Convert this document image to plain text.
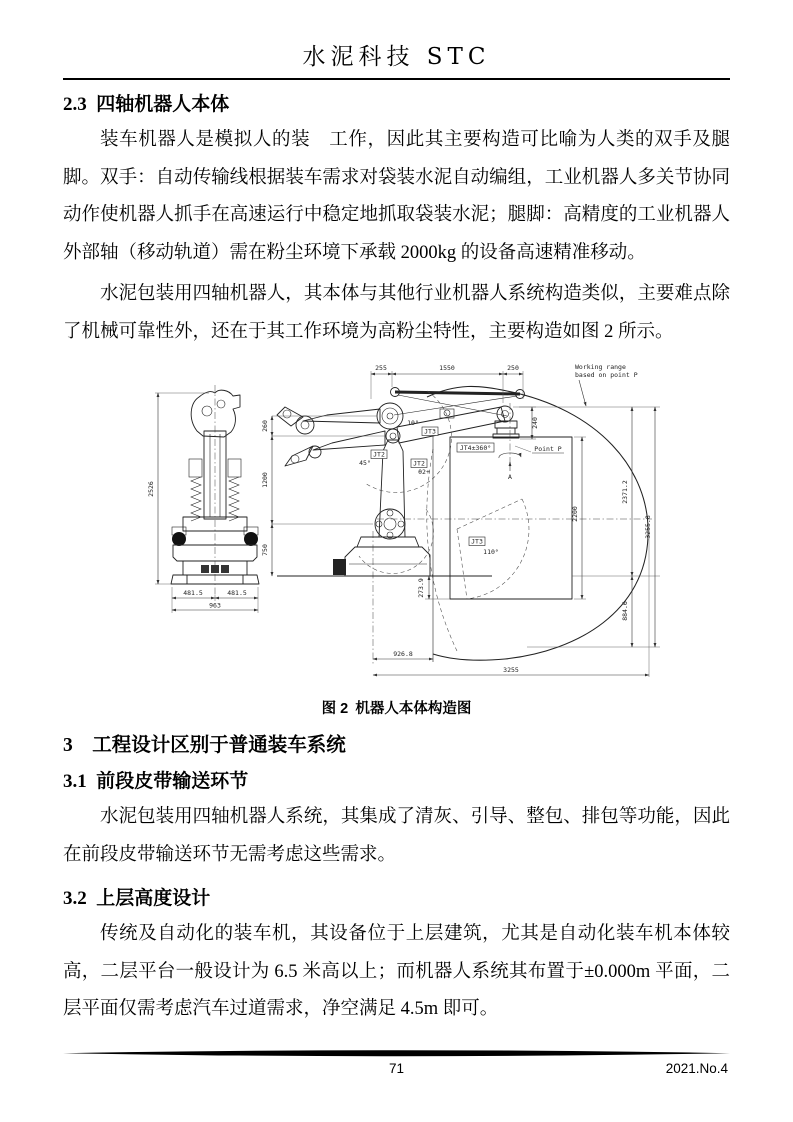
水泥科技 STC
2.3 四轴机器人本体

装车机器人是模拟人的装　工作，因此其主要构造可比喻为人类的双手及腿脚。双手：自动传输线根据装车需求对袋装水泥自动编组，工业机器人多关节协同动作使机器人抓手在高速运行中稳定地抓取袋装水泥；腿脚：高精度的工业机器人外部轴（移动轨道）需在粉尘环境下承载 2000kg 的设备高速精准移动。

水泥包装用四轴机器人，其本体与其他行业机器人系统构造类似，主要难点除了机械可靠性外，还在于其工作环境为高粉尘特性，主要构造如图 2 所示。

2526
481.5	481.5
963
JT4±360°
A
Point P
Working range
based on point P
JT3
10°
JT2
45°	JT2
θ2+
JT3
110°
255	1550	250
240
260
1200
750
2200
2371.2
884.6
3255.8
273.9
926.8
3255
图 2 机器人本体构造图
3 工程设计区别于普通装车系统
3.1 前段皮带输送环节

水泥包装用四轴机器人系统，其集成了清灰、引导、整包、排包等功能，因此在前段皮带输送环节无需考虑这些需求。

3.2 上层高度设计

传统及自动化的装车机，其设备位于上层建筑，尤其是自动化装车机本体较高，二层平台一般设计为 6.5 米高以上；而机器人系统其布置于±0.000m 平面，二层平面仅需考虑汽车过道需求，净空满足 4.5m 即可。

71	2021.No.4
